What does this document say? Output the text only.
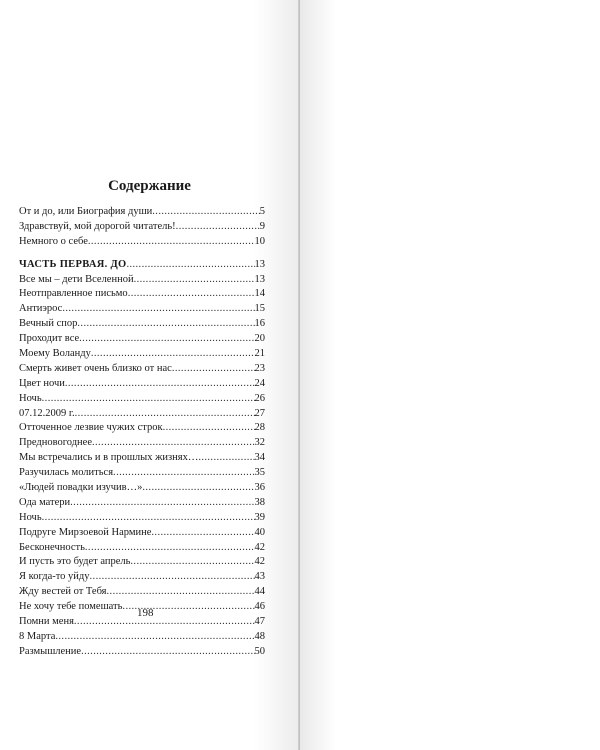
Содержание
От и до, или Биография души .....	5
Здравствуй, мой дорогой читатель! .....	9
Немного о себе .....	10
ЧАСТЬ ПЕРВАЯ. ДО .....	13
Все мы – дети Вселенной .....	13
Неотправленное письмо .....	14
Антиэрос .....	15
Вечный спор .....	16
Проходит все .....	20
Моему Воланду .....	21
Смерть живет очень близко от нас .....	23
Цвет ночи .....	24
Ночь .....	26
07.12.2009 г. .....	27
Отточенное лезвие чужих строк .....	28
Предновогоднее .....	32
Мы встречались и в прошлых жизнях… .....	34
Разучилась молиться .....	35
«Людей повадки изучив…» .....	36
Ода матери .....	38
Ночь .....	39
Подруге Мирзоевой Нармине .....	40
Бесконечность .....	42
И пусть это будет апрель .....	42
Я когда-то уйду .....	43
Жду вестей от Тебя .....	44
Не хочу тебе помешать .....	46
Помни меня .....	47
8 Марта .....	48
Размышление .....	50
198
